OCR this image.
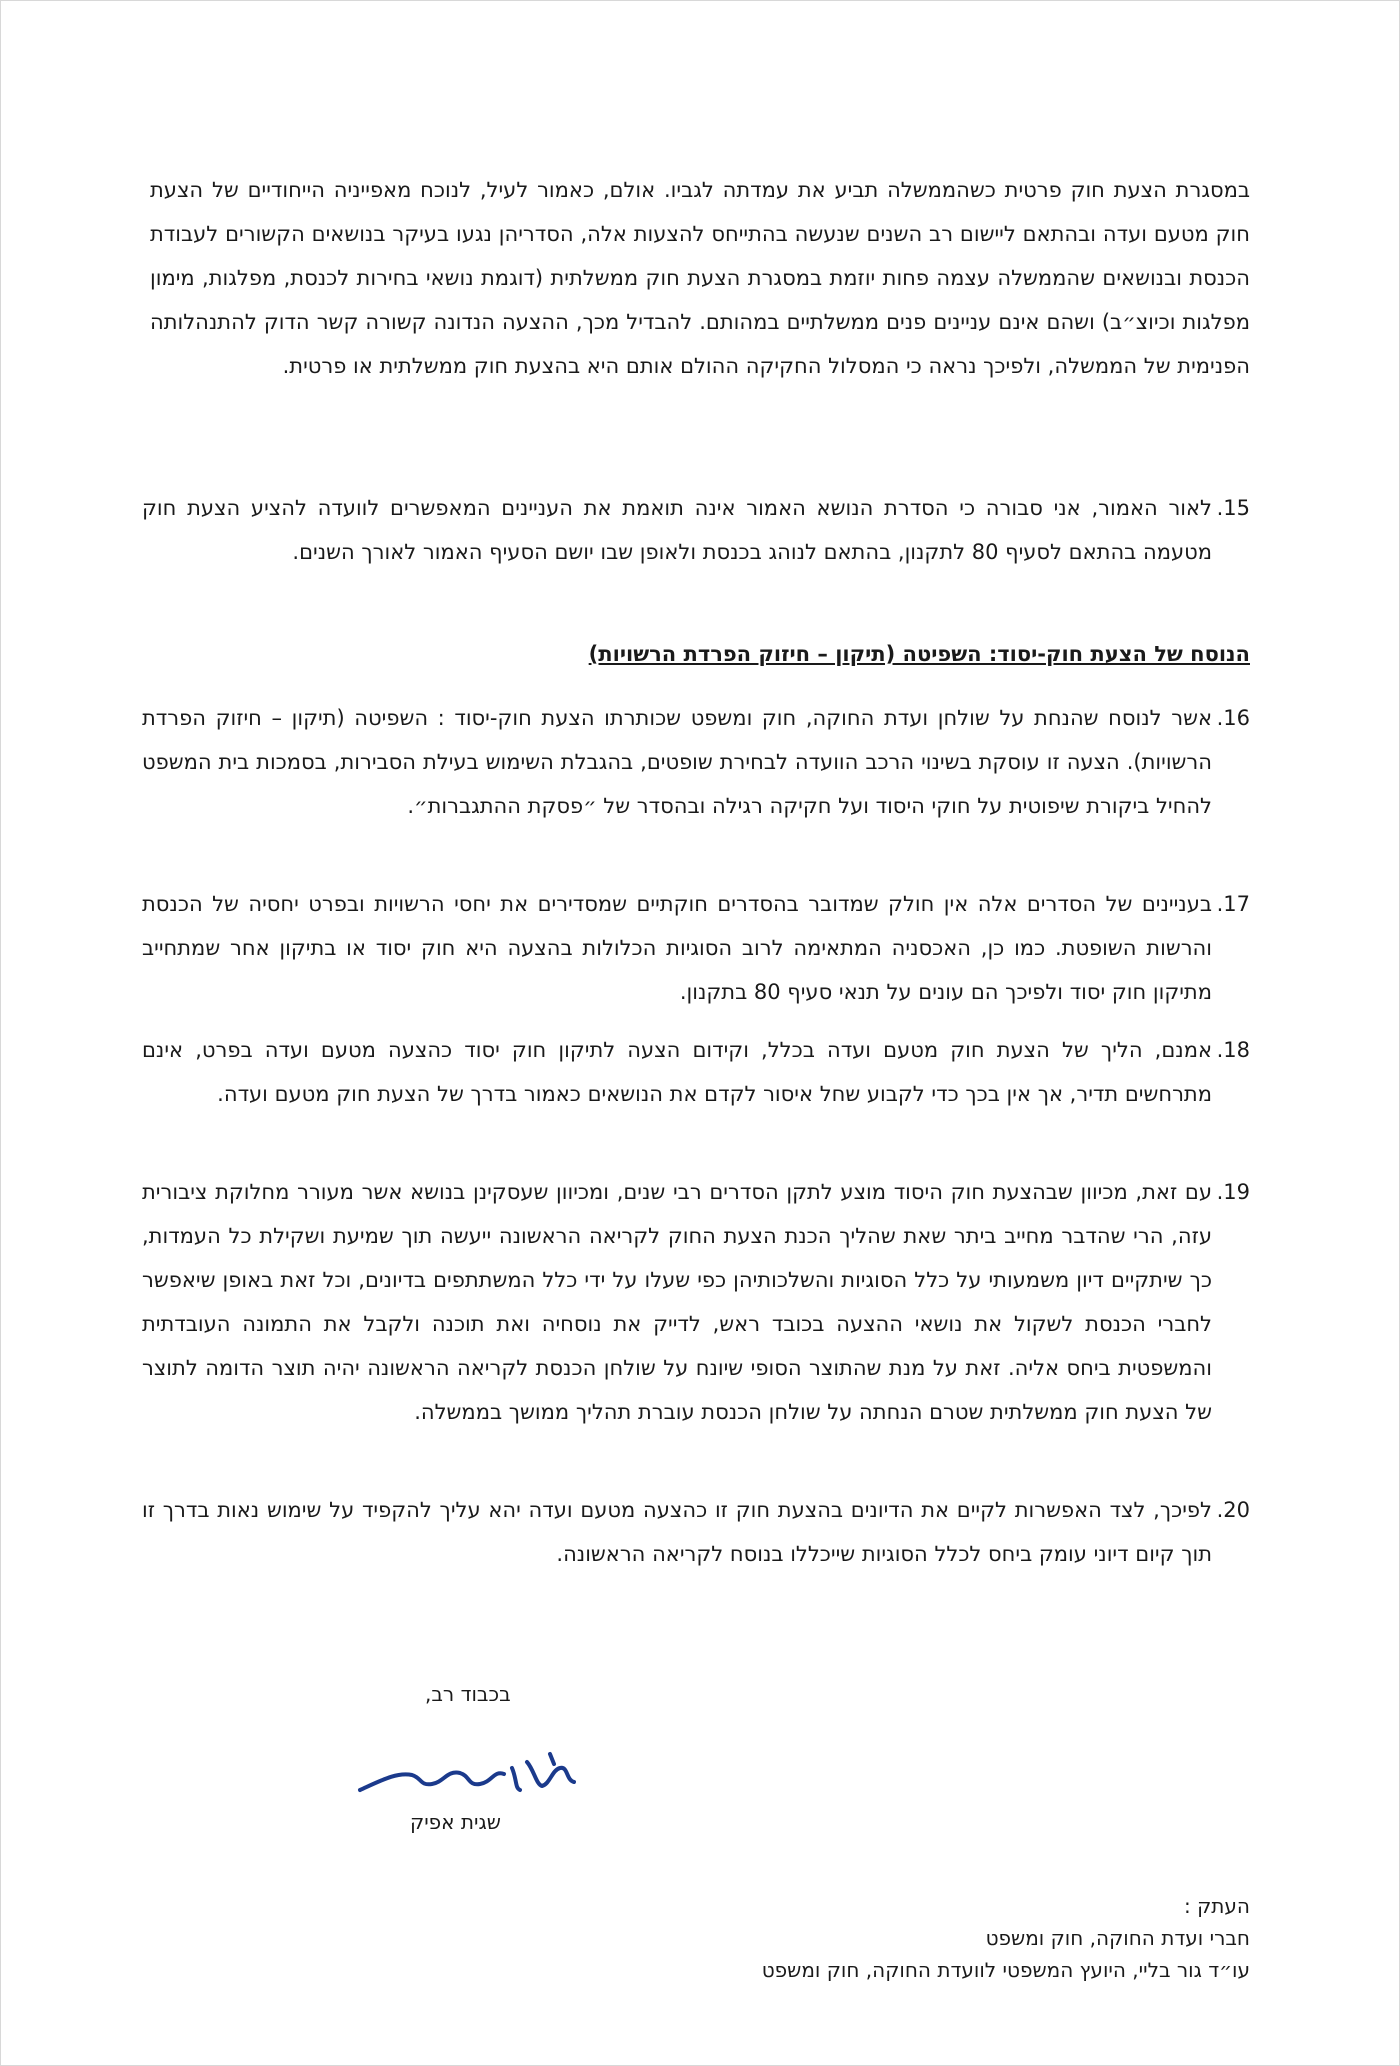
במסגרת הצעת חוק פרטית כשהממשלה תביע את עמדתה לגביו. אולם, כאמור לעיל, לנוכח מאפייניה הייחודיים של הצעת חוק מטעם ועדה ובהתאם ליישום רב השנים שנעשה בהתייחס להצעות אלה, הסדריהן נגעו בעיקר בנושאים הקשורים לעבודת הכנסת ובנושאים שהממשלה עצמה פחות יוזמת במסגרת הצעת חוק ממשלתית (דוגמת נושאי בחירות לכנסת, מפלגות, מימון מפלגות וכיוצ״ב) ושהם אינם עניינים פנים ממשלתיים במהותם. להבדיל מכך, ההצעה הנדונה קשורה קשר הדוק להתנהלותה הפנימית של הממשלה, ולפיכך נראה כי המסלול החקיקה ההולם אותם היא בהצעת חוק ממשלתית או פרטית.
15.
לאור האמור, אני סבורה כי הסדרת הנושא האמור אינה תואמת את העניינים המאפשרים לוועדה להציע הצעת חוק מטעמה בהתאם לסעיף 80 לתקנון, בהתאם לנוהג בכנסת ולאופן שבו יושם הסעיף האמור לאורך השנים.
הנוסח של הצעת חוק-יסוד: השפיטה (תיקון – חיזוק הפרדת הרשויות)
16.
אשר לנוסח שהנחת על שולחן ועדת החוקה, חוק ומשפט שכותרתו הצעת חוק-יסוד : השפיטה (תיקון – חיזוק הפרדת הרשויות). הצעה זו עוסקת בשינוי הרכב הוועדה לבחירת שופטים, בהגבלת השימוש בעילת הסבירות, בסמכות בית המשפט להחיל ביקורת שיפוטית על חוקי היסוד ועל חקיקה רגילה ובהסדר של ״פסקת ההתגברות״.
17.
בעניינים של הסדרים אלה אין חולק שמדובר בהסדרים חוקתיים שמסדירים את יחסי הרשויות ובפרט יחסיה של הכנסת והרשות השופטת. כמו כן, האכסניה המתאימה לרוב הסוגיות הכלולות בהצעה היא חוק יסוד או בתיקון אחר שמתחייב מתיקון חוק יסוד ולפיכך הם עונים על תנאי סעיף 80 בתקנון.
18.
אמנם, הליך של הצעת חוק מטעם ועדה בכלל, וקידום הצעה לתיקון חוק יסוד כהצעה מטעם ועדה בפרט, אינם מתרחשים תדיר, אך אין בכך כדי לקבוע שחל איסור לקדם את הנושאים כאמור בדרך של הצעת חוק מטעם ועדה.
19.
עם זאת, מכיוון שבהצעת חוק היסוד מוצע לתקן הסדרים רבי שנים, ומכיוון שעסקינן בנושא אשר מעורר מחלוקת ציבורית עזה, הרי שהדבר מחייב ביתר שאת שהליך הכנת הצעת החוק לקריאה הראשונה ייעשה תוך שמיעת ושקילת כל העמדות, כך שיתקיים דיון משמעותי על כלל הסוגיות והשלכותיהן כפי שעלו על ידי כלל המשתתפים בדיונים, וכל זאת באופן שיאפשר לחברי הכנסת לשקול את נושאי ההצעה בכובד ראש, לדייק את נוסחיה ואת תוכנה ולקבל את התמונה העובדתית והמשפטית ביחס אליה. זאת על מנת שהתוצר הסופי שיונח על שולחן הכנסת לקריאה הראשונה יהיה תוצר הדומה לתוצר של הצעת חוק ממשלתית שטרם הנחתה על שולחן הכנסת עוברת תהליך ממושך בממשלה.
20.
לפיכך, לצד האפשרות לקיים את הדיונים בהצעת חוק זו כהצעה מטעם ועדה יהא עליך להקפיד על שימוש נאות בדרך זו תוך קיום דיוני עומק ביחס לכלל הסוגיות שייכללו בנוסח לקריאה הראשונה.
בכבוד רב,
שגית אפיק
העתק :
חברי ועדת החוקה, חוק ומשפט
עו״ד גור בליי, היועץ המשפטי לוועדת החוקה, חוק ומשפט
